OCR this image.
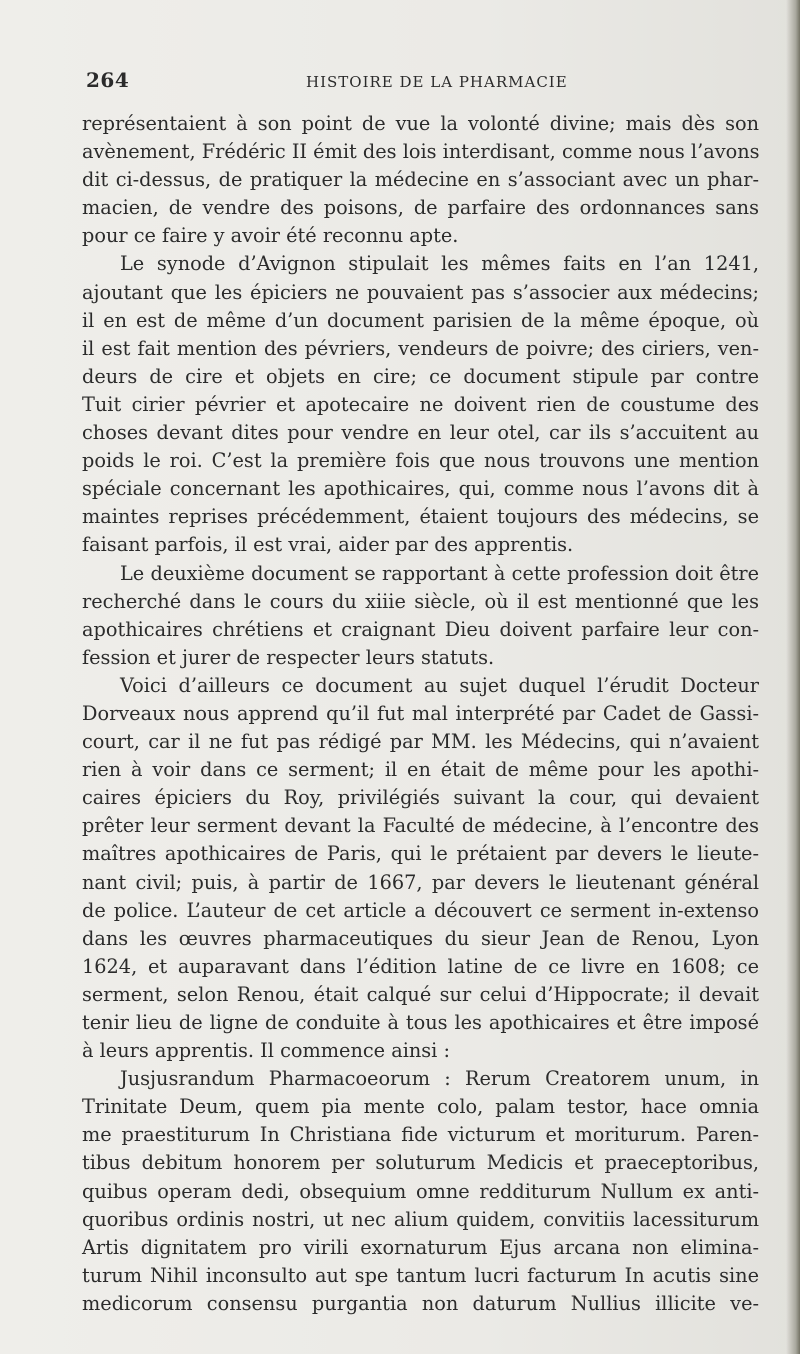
264	HISTOIRE DE LA PHARMACIE
représentaient à son point de vue la volonté divine; mais dès son
avènement, Frédéric II émit des lois interdisant, comme nous l’avons
dit ci-dessus, de pratiquer la médecine en s’associant avec un phar-
macien, de vendre des poisons, de parfaire des ordonnances sans
pour ce faire y avoir été reconnu apte.
Le synode d’Avignon stipulait les mêmes faits en l’an 1241,
ajoutant que les épiciers ne pouvaient pas s’associer aux médecins;
il en est de même d’un document parisien de la même époque, où
il est fait mention des pévriers, vendeurs de poivre; des ciriers, ven-
deurs de cire et objets en cire; ce document stipule par contre
Tuit cirier pévrier et apotecaire ne doivent rien de coustume des
choses devant dites pour vendre en leur otel, car ils s’accuitent au
poids le roi. C’est la première fois que nous trouvons une mention
spéciale concernant les apothicaires, qui, comme nous l’avons dit à
maintes reprises précédemment, étaient toujours des médecins, se
faisant parfois, il est vrai, aider par des apprentis.
Le deuxième document se rapportant à cette profession doit être
recherché dans le cours du xiiie siècle, où il est mentionné que les
apothicaires chrétiens et craignant Dieu doivent parfaire leur con-
fession et jurer de respecter leurs statuts.
Voici d’ailleurs ce document au sujet duquel l’érudit Docteur
Dorveaux nous apprend qu’il fut mal interprété par Cadet de Gassi-
court, car il ne fut pas rédigé par MM. les Médecins, qui n’avaient
rien à voir dans ce serment; il en était de même pour les apothi-
caires épiciers du Roy, privilégiés suivant la cour, qui devaient
prêter leur serment devant la Faculté de médecine, à l’encontre des
maîtres apothicaires de Paris, qui le prétaient par devers le lieute-
nant civil; puis, à partir de 1667, par devers le lieutenant général
de police. L’auteur de cet article a découvert ce serment in-extenso
dans les œuvres pharmaceutiques du sieur Jean de Renou, Lyon
1624, et auparavant dans l’édition latine de ce livre en 1608; ce
serment, selon Renou, était calqué sur celui d’Hippocrate; il devait
tenir lieu de ligne de conduite à tous les apothicaires et être imposé
à leurs apprentis. Il commence ainsi :
Jusjusrandum Pharmacoeorum : Rerum Creatorem unum, in
Trinitate Deum, quem pia mente colo, palam testor, hace omnia
me praestiturum In Christiana fide victurum et moriturum. Paren-
tibus debitum honorem per soluturum Medicis et praeceptoribus,
quibus operam dedi, obsequium omne redditurum Nullum ex anti-
quoribus ordinis nostri, ut nec alium quidem, convitiis lacessiturum
Artis dignitatem pro virili exornaturum Ejus arcana non elimina-
turum Nihil inconsulto aut spe tantum lucri facturum In acutis sine
medicorum consensu purgantia non daturum Nullius illicite ve-
